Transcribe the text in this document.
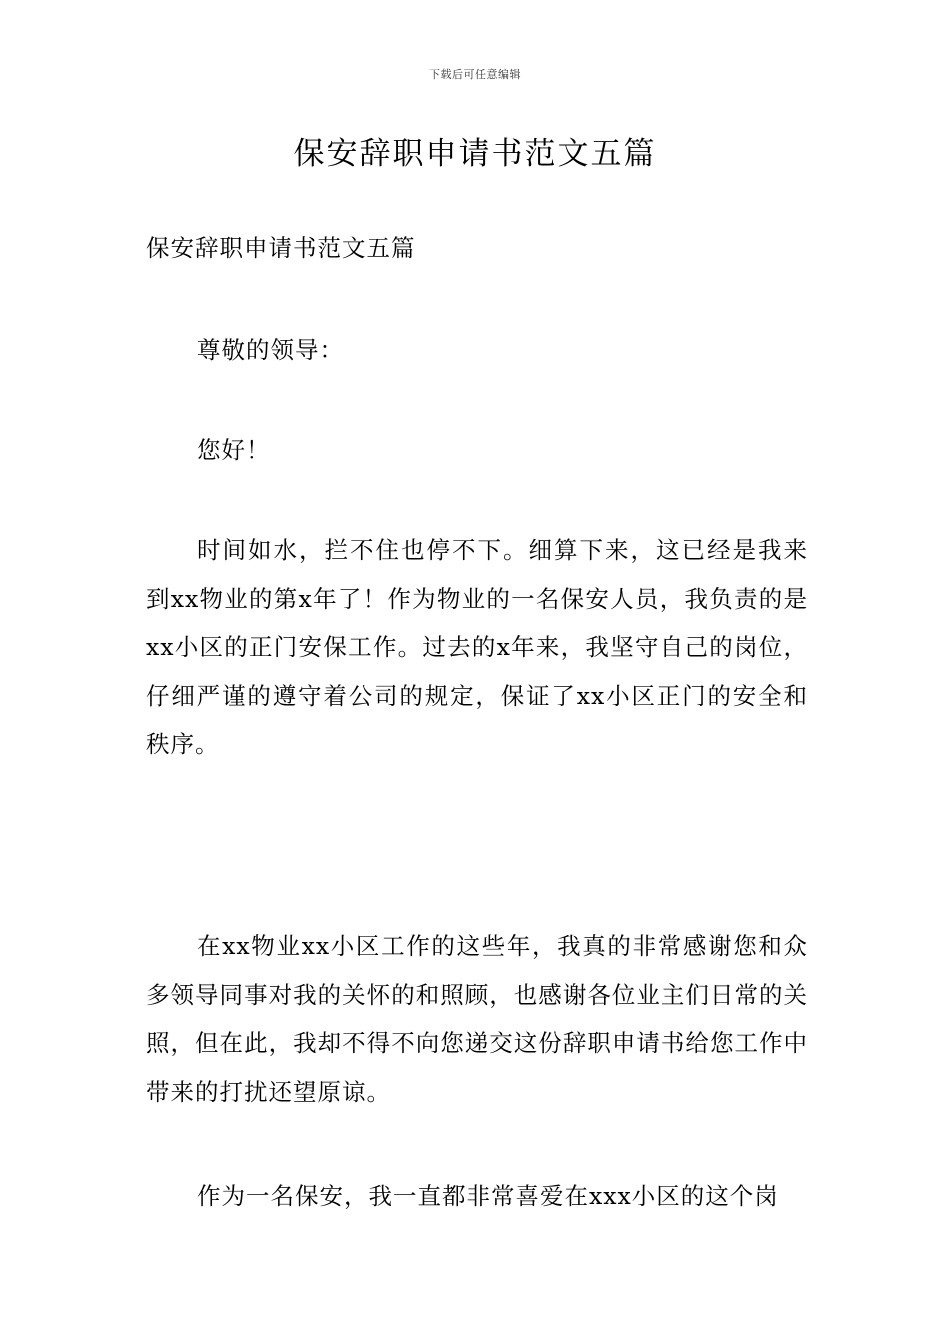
下载后可任意编辑
保安辞职申请书范文五篇

保安辞职申请书范文五篇

尊敬的领导：

您好！

时间如水，拦不住也停不下。细算下来，这已经是我来到xx物业的第x年了！作为物业的一名保安人员，我负责的是xx小区的正门安保工作。过去的x年来，我坚守自己的岗位，仔细严谨的遵守着公司的规定，保证了xx小区正门的安全和秩序。

在xx物业xx小区工作的这些年，我真的非常感谢您和众多领导同事对我的关怀的和照顾，也感谢各位业主们日常的关照，但在此，我却不得不向您递交这份辞职申请书给您工作中带来的打扰还望原谅。

作为一名保安，我一直都非常喜爱在xxx小区的这个岗
